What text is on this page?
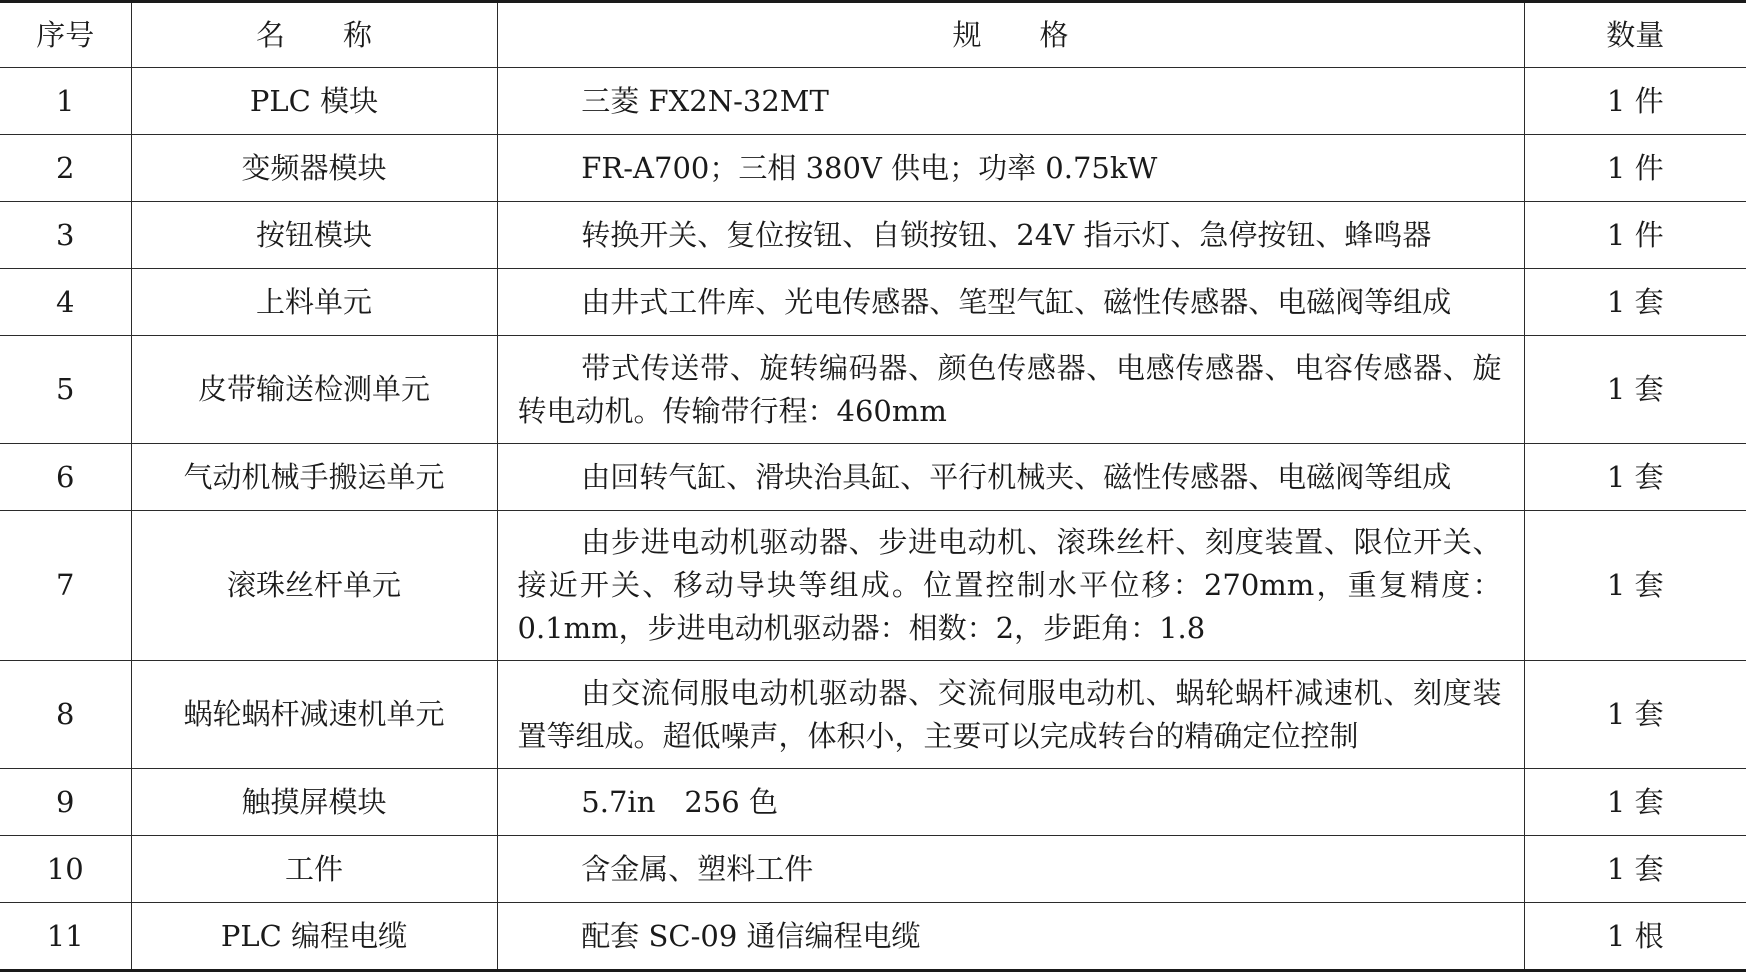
序号	名　　称	规　　格	数量
1	PLC 模块	三菱 FX2N-32MT	1 件
2	变频器模块	FR-A700；三相 380V 供电；功率 0.75kW	1 件
3	按钮模块	转换开关、复位按钮、自锁按钮、24V 指示灯、急停按钮、蜂鸣器	1 件
4	上料单元	由井式工件库、光电传感器、笔型气缸、磁性传感器、电磁阀等组成	1 套
5	皮带输送检测单元	带式传送带、旋转编码器、颜色传感器、电感传感器、电容传感器、旋转电动机。传输带行程：460mm	1 套
6	气动机械手搬运单元	由回转气缸、滑块治具缸、平行机械夹、磁性传感器、电磁阀等组成	1 套
7	滚珠丝杆单元	由步进电动机驱动器、步进电动机、滚珠丝杆、刻度装置、限位开关、接近开关、移动导块等组成。位置控制水平位移：270mm，重复精度：0.1mm，步进电动机驱动器：相数：2，步距角：1.8	1 套
8	蜗轮蜗杆减速机单元	由交流伺服电动机驱动器、交流伺服电动机、蜗轮蜗杆减速机、刻度装置等组成。超低噪声，体积小，主要可以完成转台的精确定位控制	1 套
9	触摸屏模块	5.7in　256 色	1 套
10	工件	含金属、塑料工件	1 套
11	PLC 编程电缆	配套 SC-09 通信编程电缆	1 根
